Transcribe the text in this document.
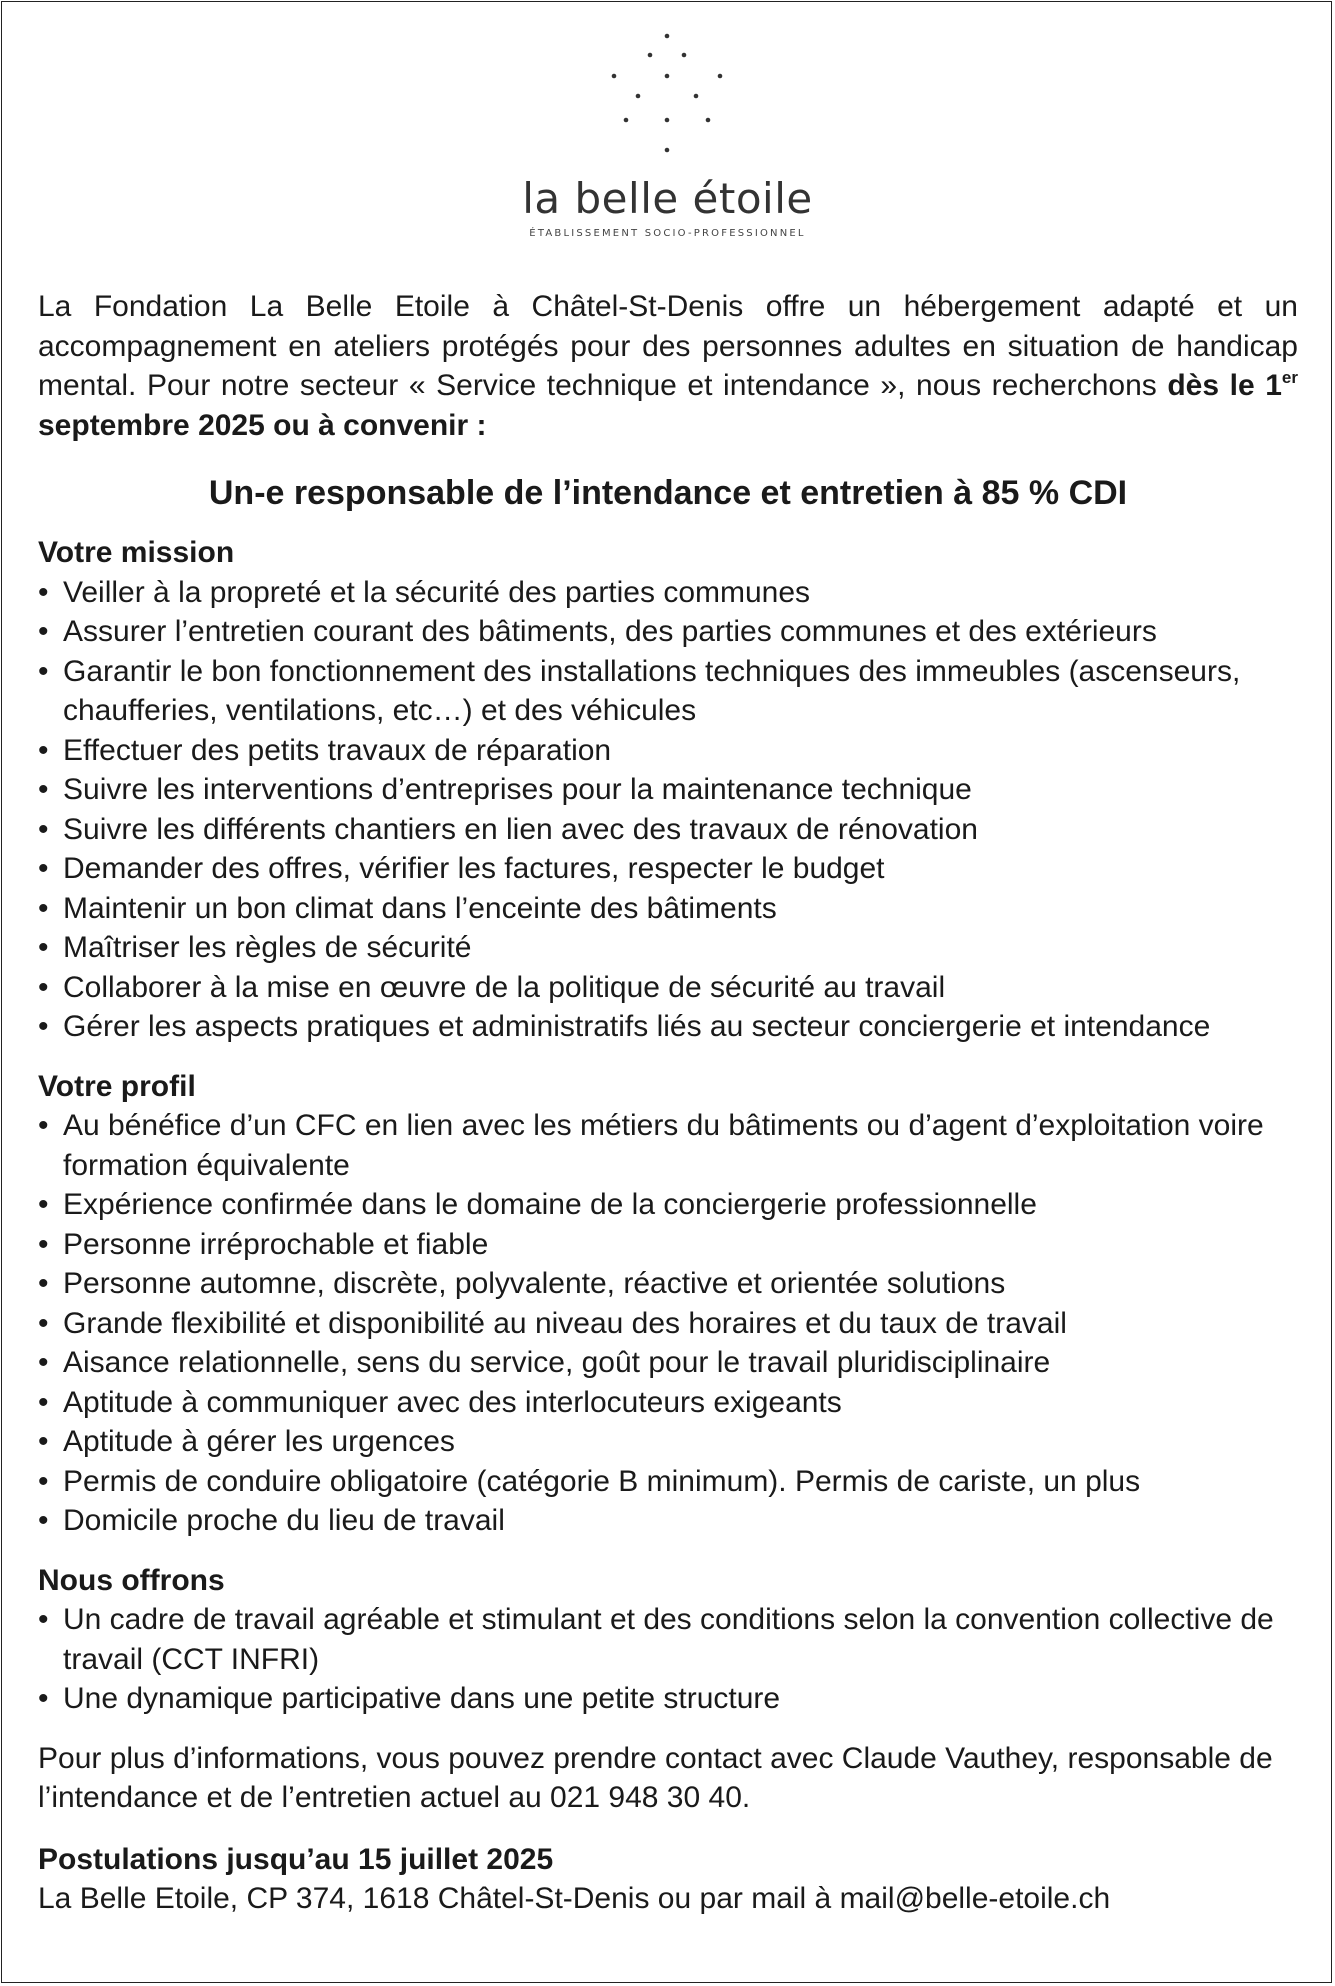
la belle étoile
ÉTABLISSEMENT SOCIO-PROFESSIONNEL

La Fondation La Belle Etoile à Châtel-St-Denis offre un hébergement adapté et un accompagnement en ateliers protégés pour des personnes adultes en situation de handicap mental. Pour notre secteur « Service technique et intendance », nous recherchons dès le 1er septembre 2025 ou à convenir :

Un-e responsable de l’intendance et entretien à 85 % CDI
Votre mission
• Veiller à la propreté et la sécurité des parties communes
• Assurer l’entretien courant des bâtiments, des parties communes et des extérieurs
• Garantir le bon fonctionnement des installations techniques des immeubles (ascenseurs, chaufferies, ventilations, etc…) et des véhicules
• Effectuer des petits travaux de réparation
• Suivre les interventions d’entreprises pour la maintenance technique
• Suivre les différents chantiers en lien avec des travaux de rénovation
• Demander des offres, vérifier les factures, respecter le budget
• Maintenir un bon climat dans l’enceinte des bâtiments
• Maîtriser les règles de sécurité
• Collaborer à la mise en œuvre de la politique de sécurité au travail
• Gérer les aspects pratiques et administratifs liés au secteur conciergerie et intendance
Votre profil
• Au bénéfice d’un CFC en lien avec les métiers du bâtiments ou d’agent d’exploitation voire formation équivalente
• Expérience confirmée dans le domaine de la conciergerie professionnelle
• Personne irréprochable et fiable
• Personne automne, discrète, polyvalente, réactive et orientée solutions
• Grande flexibilité et disponibilité au niveau des horaires et du taux de travail
• Aisance relationnelle, sens du service, goût pour le travail pluridisciplinaire
• Aptitude à communiquer avec des interlocuteurs exigeants
• Aptitude à gérer les urgences
• Permis de conduire obligatoire (catégorie B minimum). Permis de cariste, un plus
• Domicile proche du lieu de travail
Nous offrons
• Un cadre de travail agréable et stimulant et des conditions selon la convention collective de travail (CCT INFRI)
• Une dynamique participative dans une petite structure

Pour plus d’informations, vous pouvez prendre contact avec Claude Vauthey, responsable de l’intendance et de l’entretien actuel au 021 948 30 40.

Postulations jusqu’au 15 juillet 2025

La Belle Etoile, CP 374, 1618 Châtel-St-Denis ou par mail à mail@belle-etoile.ch
